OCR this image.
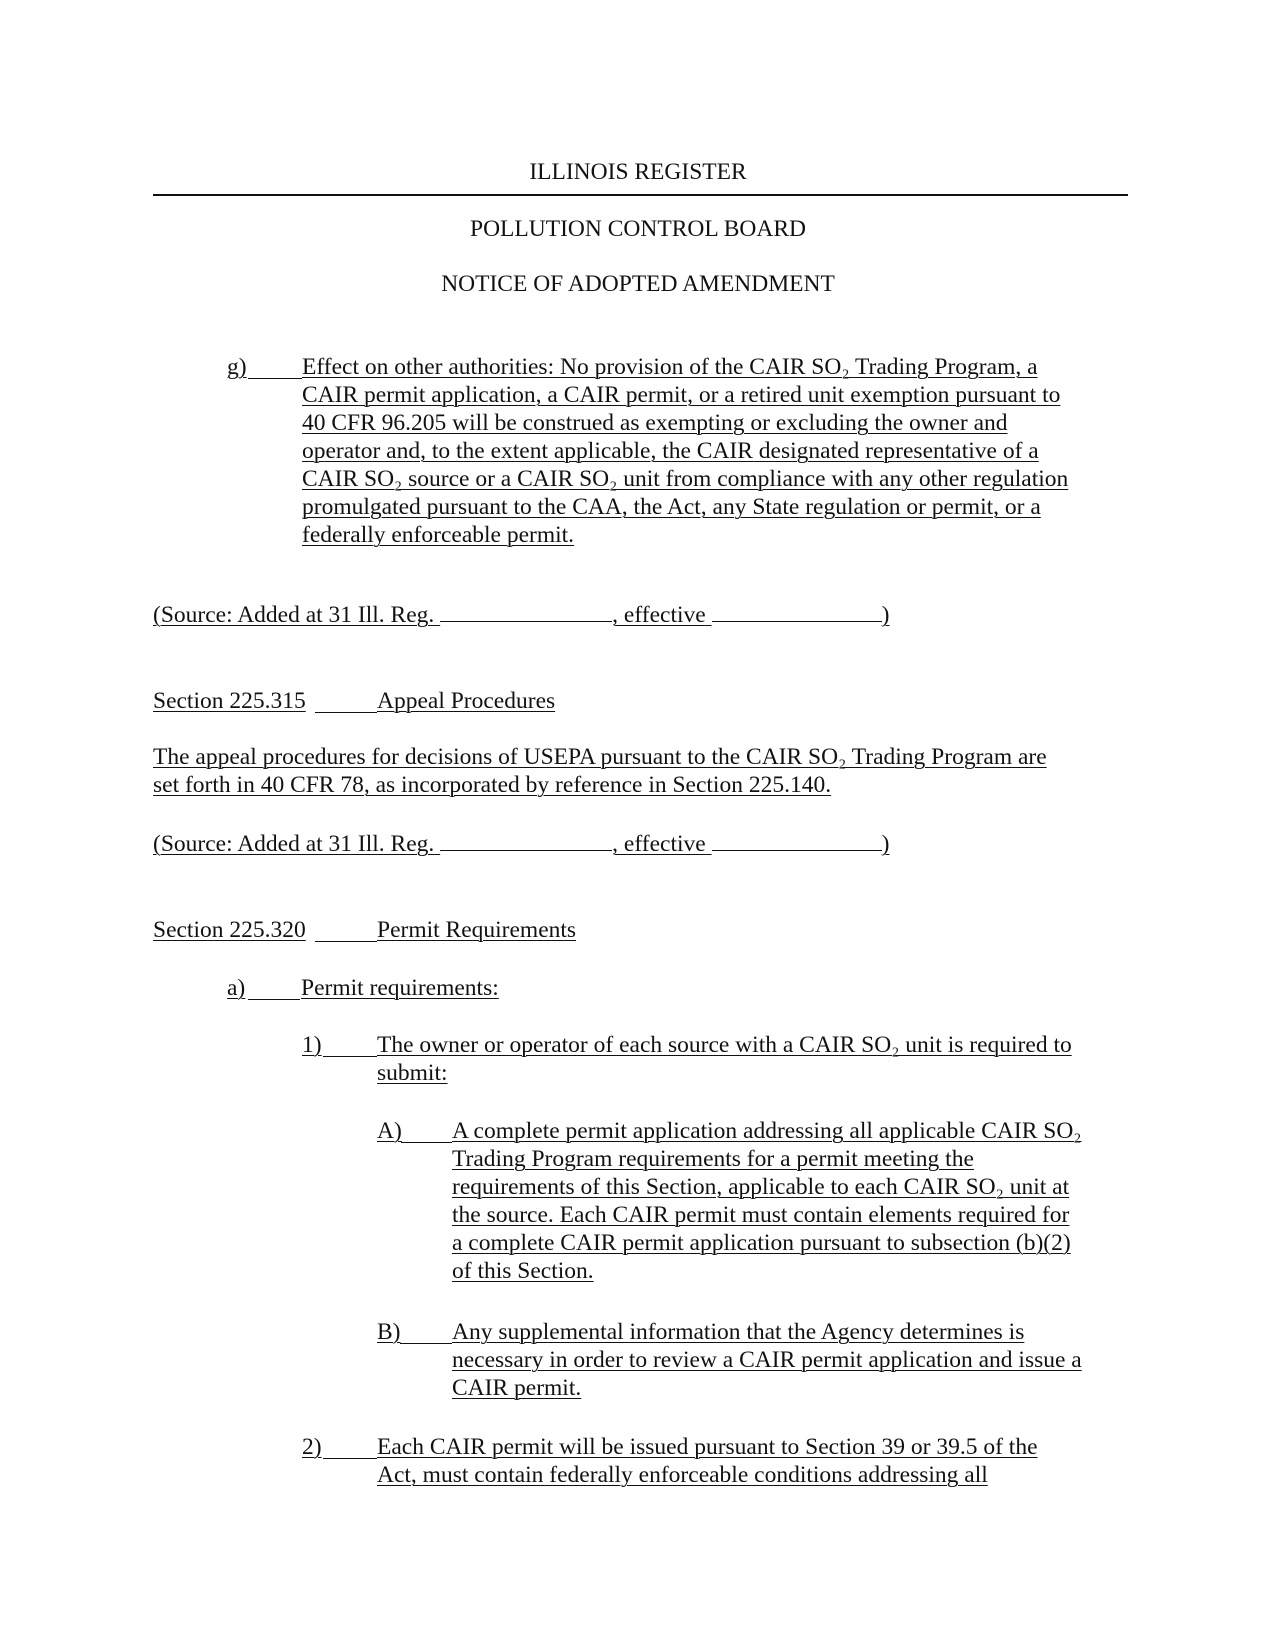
ILLINOIS REGISTER
POLLUTION CONTROL BOARD
NOTICE OF ADOPTED AMENDMENT
g) Effect on other authorities: No provision of the CAIR SO₂ Trading Program, a
CAIR permit application, a CAIR permit, or a retired unit exemption pursuant to
40 CFR 96.205 will be construed as exempting or excluding the owner and
operator and, to the extent applicable, the CAIR designated representative of a
CAIR SO₂ source or a CAIR SO₂ unit from compliance with any other regulation
promulgated pursuant to the CAA, the Act, any State regulation or permit, or a
federally enforceable permit.
(Source: Added at 31 Ill. Reg.	, effective	)
Section 225.315	Appeal Procedures
The appeal procedures for decisions of USEPA pursuant to the CAIR SO₂ Trading Program are
set forth in 40 CFR 78, as incorporated by reference in Section 225.140.
(Source: Added at 31 Ill. Reg.	, effective	)
Section 225.320	Permit Requirements
a) Permit requirements:
1) The owner or operator of each source with a CAIR SO₂ unit is required to
submit:
A) A complete permit application addressing all applicable CAIR SO₂
Trading Program requirements for a permit meeting the
requirements of this Section, applicable to each CAIR SO₂ unit at
the source. Each CAIR permit must contain elements required for
a complete CAIR permit application pursuant to subsection (b)(2)
of this Section.
B) Any supplemental information that the Agency determines is
necessary in order to review a CAIR permit application and issue a
CAIR permit.
2) Each CAIR permit will be issued pursuant to Section 39 or 39.5 of the
Act, must contain federally enforceable conditions addressing all
